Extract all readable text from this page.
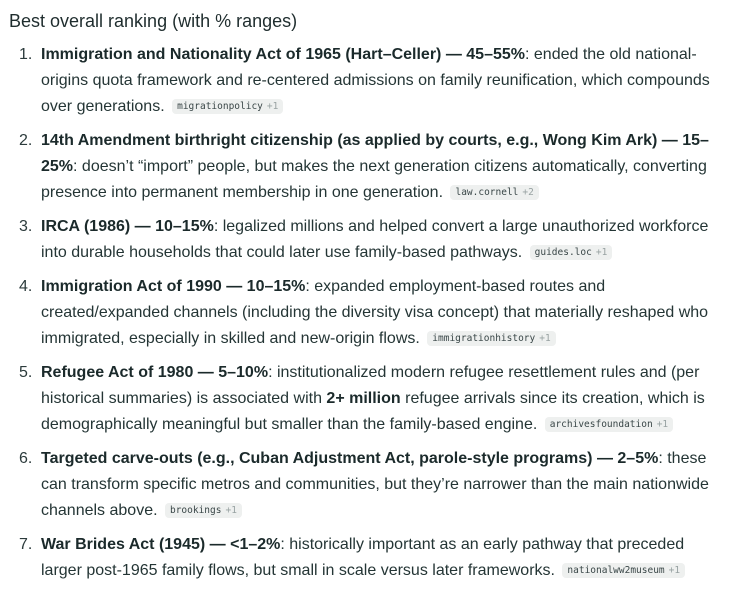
Best overall ranking (with % ranges)
1. Immigration and Nationality Act of 1965 (Hart–Celler) — 45–55%: ended the old national-origins quota framework and re-centered admissions on family reunification, which compounds over generations. migrationpolicy +1
2. 14th Amendment birthright citizenship (as applied by courts, e.g., Wong Kim Ark) — 15–25%: doesn’t “import” people, but makes the next generation citizens automatically, converting presence into permanent membership in one generation. law.cornell +2
3. IRCA (1986) — 10–15%: legalized millions and helped convert a large unauthorized workforce into durable households that could later use family-based pathways. guides.loc +1
4. Immigration Act of 1990 — 10–15%: expanded employment-based routes and created/expanded channels (including the diversity visa concept) that materially reshaped who immigrated, especially in skilled and new-origin flows. immigrationhistory +1
5. Refugee Act of 1980 — 5–10%: institutionalized modern refugee resettlement rules and (per historical summaries) is associated with 2+ million refugee arrivals since its creation, which is demographically meaningful but smaller than the family-based engine. archivesfoundation +1
6. Targeted carve-outs (e.g., Cuban Adjustment Act, parole-style programs) — 2–5%: these can transform specific metros and communities, but they’re narrower than the main nationwide channels above. brookings +1
7. War Brides Act (1945) — <1–2%: historically important as an early pathway that preceded larger post-1965 family flows, but small in scale versus later frameworks. nationalww2museum +1
